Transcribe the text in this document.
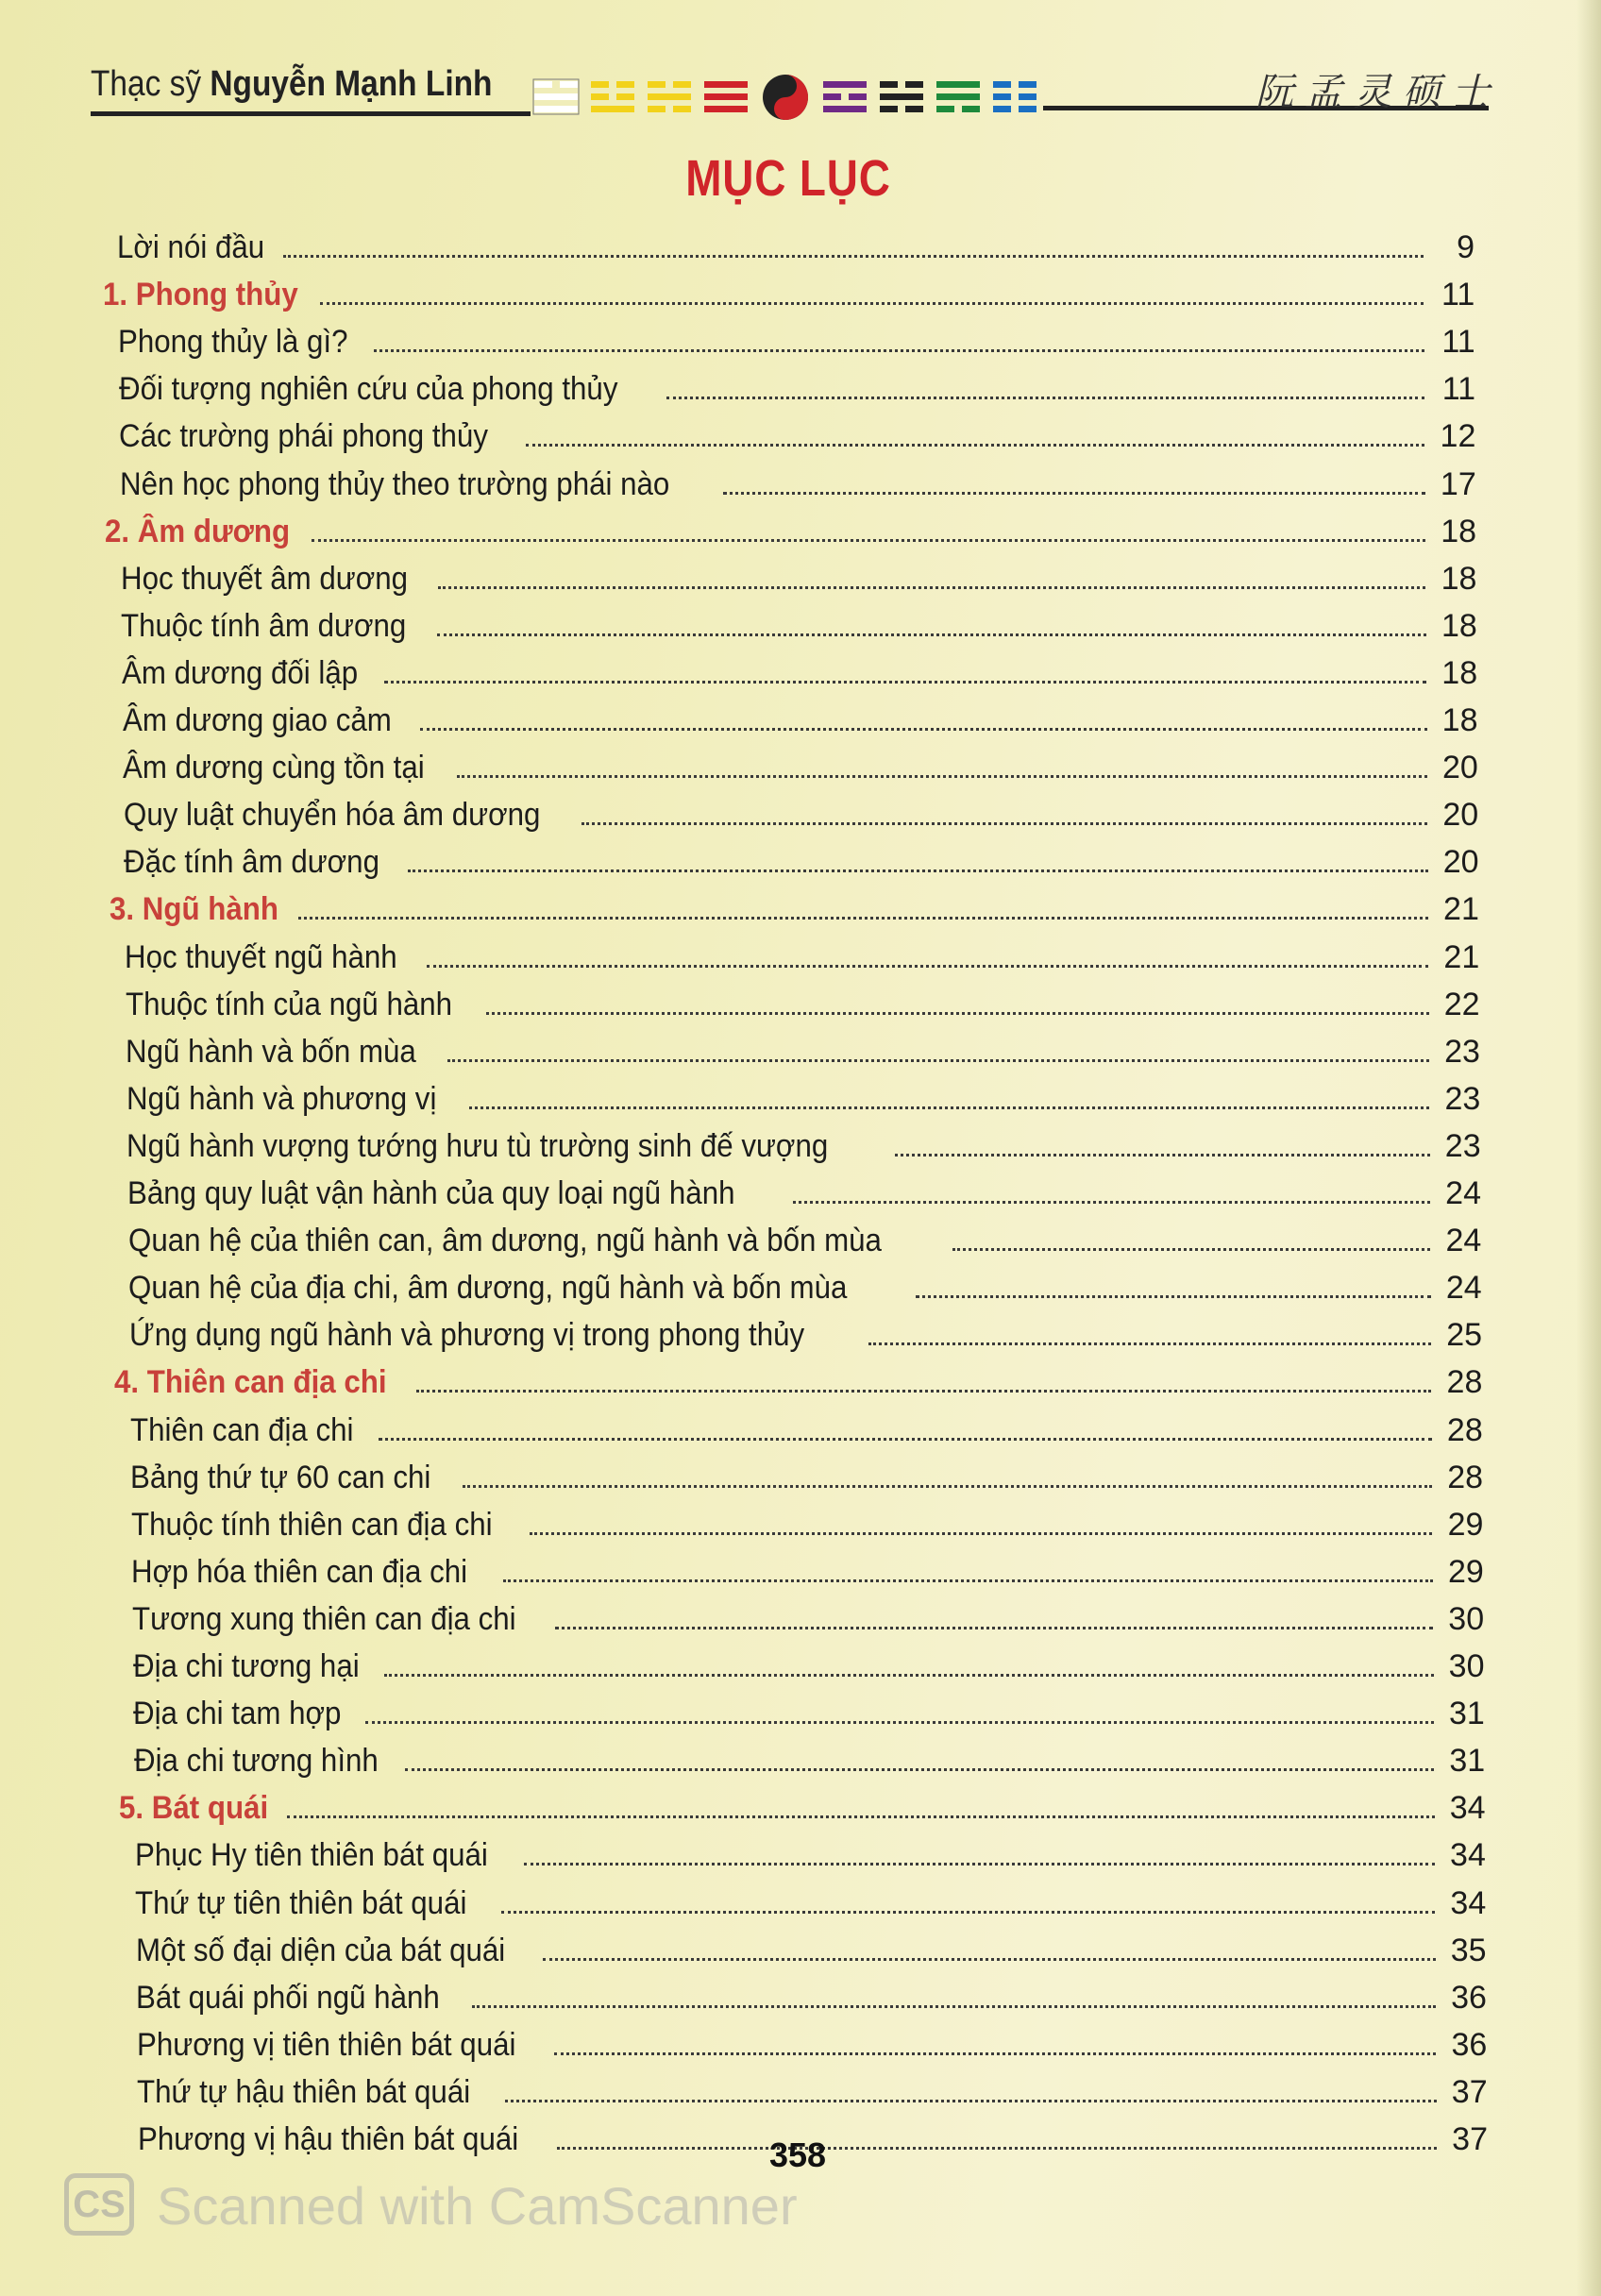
Thạc sỹ Nguyễn Mạnh Linh	阮孟灵硕士
MỤC LỤC
Lời nói đầu	9
1. Phong thủy	11
Phong thủy là gì?	11
Đối tượng nghiên cứu của phong thủy	11
Các trường phái phong thủy	12
Nên học phong thủy theo trường phái nào	17
2. Âm dương	18
Học thuyết âm dương	18
Thuộc tính âm dương	18
Âm dương đối lập	18
Âm dương giao cảm	18
Âm dương cùng tồn tại	20
Quy luật chuyển hóa âm dương	20
Đặc tính âm dương	20
3. Ngũ hành	21
Học thuyết ngũ hành	21
Thuộc tính của ngũ hành	22
Ngũ hành và bốn mùa	23
Ngũ hành và phương vị	23
Ngũ hành vượng tướng hưu tù trường sinh đế vượng	23
Bảng quy luật vận hành của quy loại ngũ hành	24
Quan hệ của thiên can, âm dương, ngũ hành và bốn mùa	24
Quan hệ của địa chi, âm dương, ngũ hành và bốn mùa	24
Ứng dụng ngũ hành và phương vị trong phong thủy	25
4. Thiên can địa chi	28
Thiên can địa chi	28
Bảng thứ tự 60 can chi	28
Thuộc tính thiên can địa chi	29
Hợp hóa thiên can địa chi	29
Tương xung thiên can địa chi	30
Địa chi tương hại	30
Địa chi tam hợp	31
Địa chi tương hình	31
5. Bát quái	34
Phục Hy tiên thiên bát quái	34
Thứ tự tiên thiên bát quái	34
Một số đại diện của bát quái	35
Bát quái phối ngũ hành	36
Phương vị tiên thiên bát quái	36
Thứ tự hậu thiên bát quái	37
Phương vị hậu thiên bát quái	37
358
CS Scanned with CamScanner
